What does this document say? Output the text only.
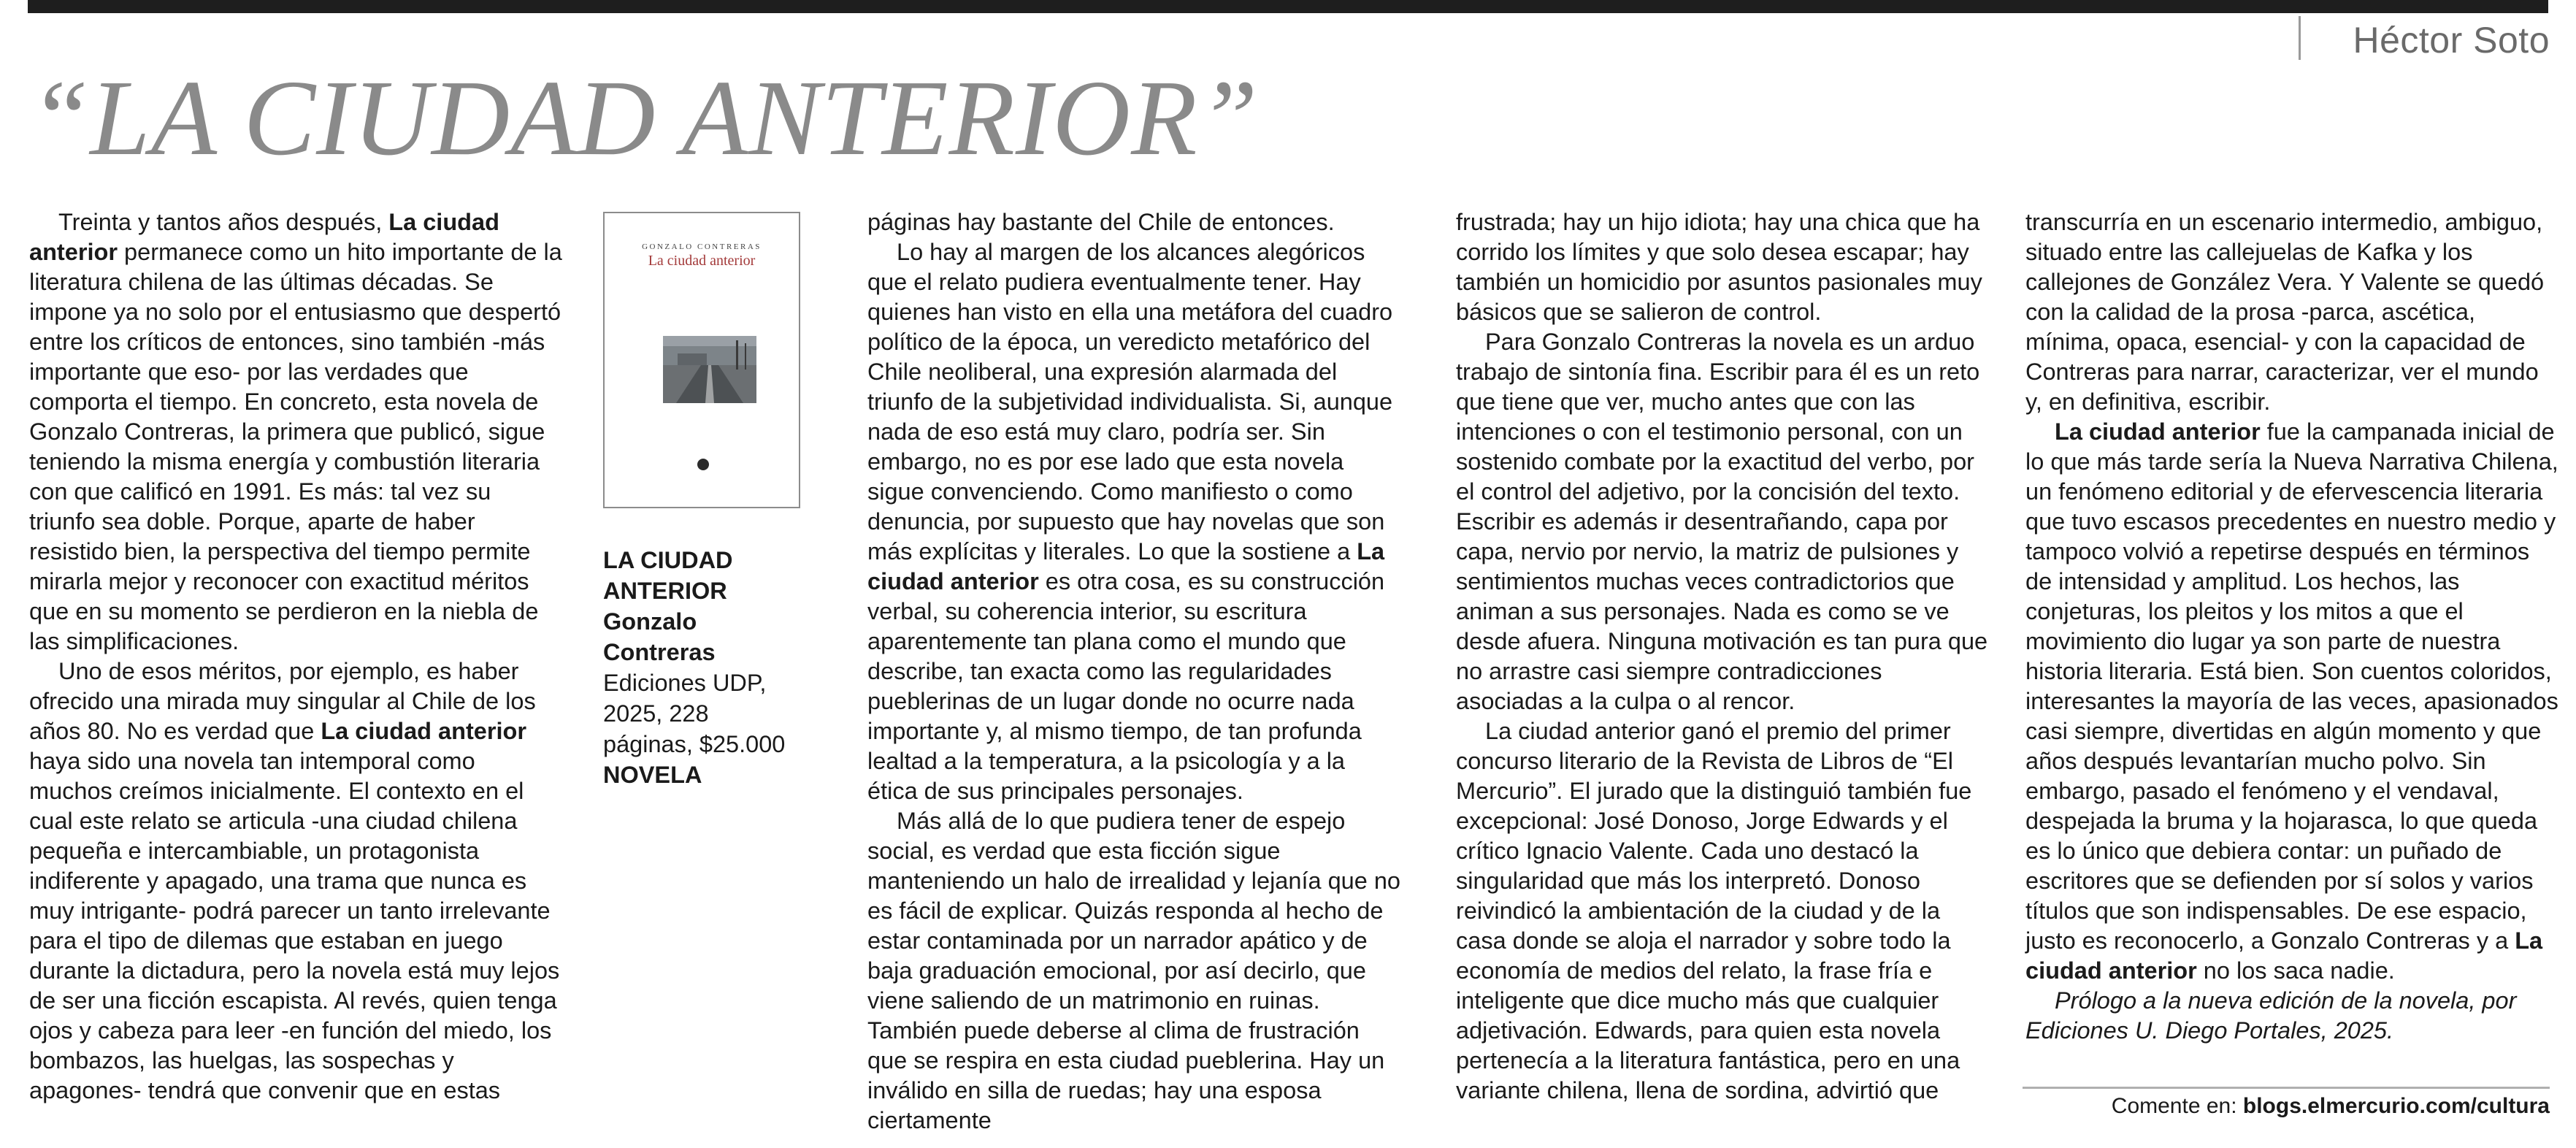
Héctor Soto
“LA CIUDAD ANTERIOR”

Treinta y tantos años después, La ciudad anterior permanece como un hito importante de la literatura chilena de las últimas décadas. Se impone ya no solo por el entusiasmo que despertó entre los críticos de entonces, sino también -más importante que eso- por las verdades que comporta el tiempo. En concreto, esta novela de Gonzalo Contreras, la primera que publicó, sigue teniendo la misma energía y combustión literaria con que calificó en 1991. Es más: tal vez su triunfo sea doble. Porque, aparte de haber resistido bien, la perspectiva del tiempo permite mirarla mejor y reconocer con exactitud méritos que en su momento se perdieron en la niebla de las simplificaciones.

Uno de esos méritos, por ejemplo, es haber ofrecido una mirada muy singular al Chile de los años 80. No es verdad que La ciudad anterior haya sido una novela tan intemporal como muchos creímos inicialmente. El contexto en el cual este relato se articula -una ciudad chilena pequeña e intercambiable, un protagonista indiferente y apagado, una trama que nunca es muy intrigante- podrá parecer un tanto irrelevante para el tipo de dilemas que estaban en juego durante la dictadura, pero la novela está muy lejos de ser una ficción escapista. Al revés, quien tenga ojos y cabeza para leer -en función del miedo, los bombazos, las huelgas, las sospechas y apagones- tendrá que convenir que en estas

GONZALO CONTRERAS
La ciudad anterior
LA CIUDAD
ANTERIOR
Gonzalo
Contreras
Ediciones UDP,
2025, 228
páginas, $25.000
NOVELA

páginas hay bastante del Chile de entonces.

Lo hay al margen de los alcances alegóricos que el relato pudiera eventualmente tener. Hay quienes han visto en ella una metáfora del cuadro político de la época, un veredicto metafórico del Chile neoliberal, una expresión alarmada del triunfo de la subjetividad individualista. Si, aunque nada de eso está muy claro, podría ser. Sin embargo, no es por ese lado que esta novela sigue convenciendo. Como manifiesto o como denuncia, por supuesto que hay novelas que son más explícitas y literales. Lo que la sostiene a La ciudad anterior es otra cosa, es su construcción verbal, su coherencia interior, su escritura aparentemente tan plana como el mundo que describe, tan exacta como las regularidades pueblerinas de un lugar donde no ocurre nada importante y, al mismo tiempo, de tan profunda lealtad a la temperatura, a la psicología y a la ética de sus principales personajes.

Más allá de lo que pudiera tener de espejo social, es verdad que esta ficción sigue manteniendo un halo de irrealidad y lejanía que no es fácil de explicar. Quizás responda al hecho de estar contaminada por un narrador apático y de baja graduación emocional, por así decirlo, que viene saliendo de un matrimonio en ruinas. También puede deberse al clima de frustración que se respira en esta ciudad pueblerina. Hay un inválido en silla de ruedas; hay una esposa ciertamente

frustrada; hay un hijo idiota; hay una chica que ha corrido los límites y que solo desea escapar; hay también un homicidio por asuntos pasionales muy básicos que se salieron de control.

Para Gonzalo Contreras la novela es un arduo trabajo de sintonía fina. Escribir para él es un reto que tiene que ver, mucho antes que con las intenciones o con el testimonio personal, con un sostenido combate por la exactitud del verbo, por el control del adjetivo, por la concisión del texto. Escribir es además ir desentrañando, capa por capa, nervio por nervio, la matriz de pulsiones y sentimientos muchas veces contradictorios que animan a sus personajes. Nada es como se ve desde afuera. Ninguna motivación es tan pura que no arrastre casi siempre contradicciones asociadas a la culpa o al rencor.

La ciudad anterior ganó el premio del primer concurso literario de la Revista de Libros de “El Mercurio”. El jurado que la distinguió también fue excepcional: José Donoso, Jorge Edwards y el crítico Ignacio Valente. Cada uno destacó la singularidad que más los interpretó. Donoso reivindicó la ambientación de la ciudad y de la casa donde se aloja el narrador y sobre todo la economía de medios del relato, la frase fría e inteligente que dice mucho más que cualquier adjetivación. Edwards, para quien esta novela pertenecía a la literatura fantástica, pero en una variante chilena, llena de sordina, advirtió que

transcurría en un escenario intermedio, ambiguo, situado entre las callejuelas de Kafka y los callejones de González Vera. Y Valente se quedó con la calidad de la prosa -parca, ascética, mínima, opaca, esencial- y con la capacidad de Contreras para narrar, caracterizar, ver el mundo y, en definitiva, escribir.

La ciudad anterior fue la campanada inicial de lo que más tarde sería la Nueva Narrativa Chilena, un fenómeno editorial y de efervescencia literaria que tuvo escasos precedentes en nuestro medio y tampoco volvió a repetirse después en términos de intensidad y amplitud. Los hechos, las conjeturas, los pleitos y los mitos a que el movimiento dio lugar ya son parte de nuestra historia literaria. Está bien. Son cuentos coloridos, interesantes la mayoría de las veces, apasionados casi siempre, divertidas en algún momento y que años después levantarían mucho polvo. Sin embargo, pasado el fenómeno y el vendaval, despejada la bruma y la hojarasca, lo que queda es lo único que debiera contar: un puñado de escritores que se defienden por sí solos y varios títulos que son indispensables. De ese espacio, justo es reconocerlo, a Gonzalo Contreras y a La ciudad anterior no los saca nadie.

Prólogo a la nueva edición de la novela, por Ediciones U. Diego Portales, 2025.

Comente en: blogs.elmercurio.com/cultura
